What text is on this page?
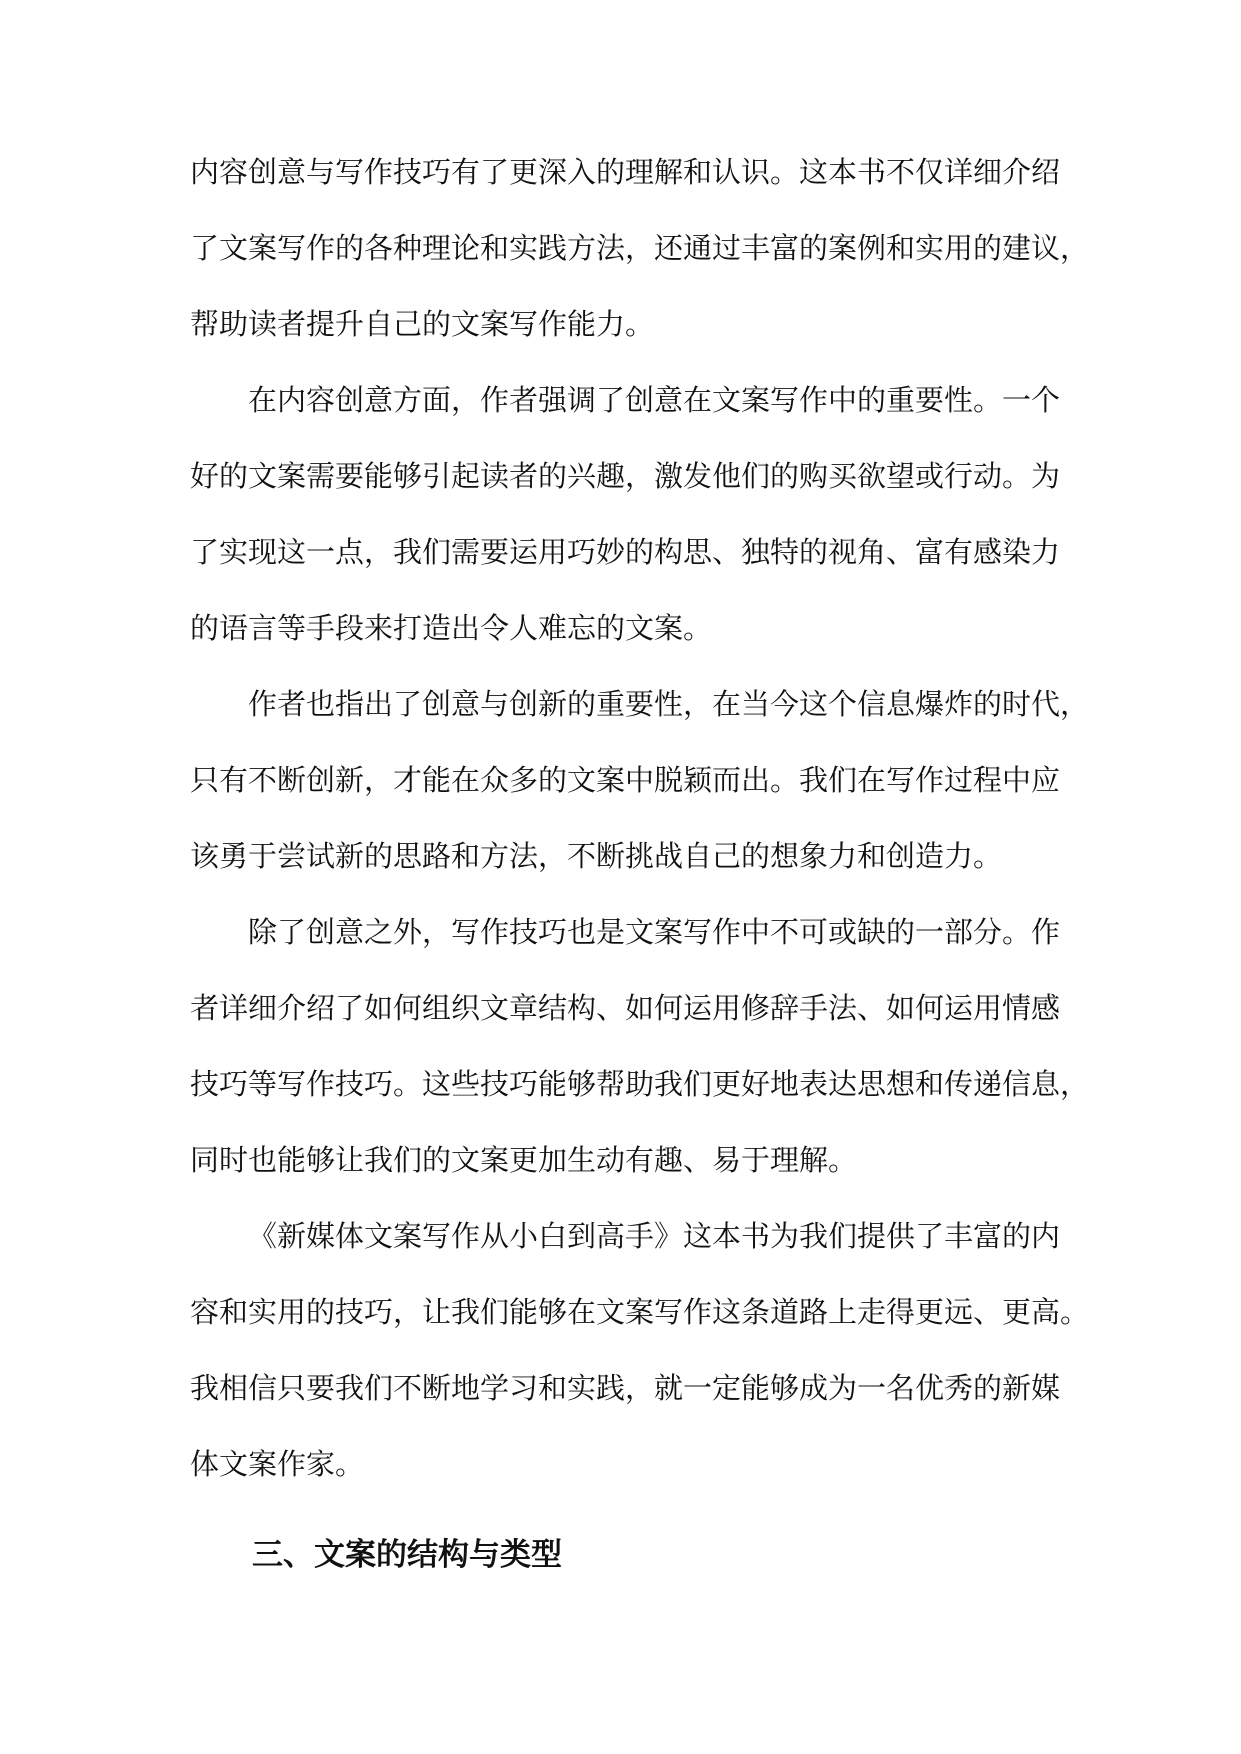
内容创意与写作技巧有了更深入的理解和认识。这本书不仅详细介绍
了文案写作的各种理论和实践方法，还通过丰富的案例和实用的建议，
帮助读者提升自己的文案写作能力。
在内容创意方面，作者强调了创意在文案写作中的重要性。一个
好的文案需要能够引起读者的兴趣，激发他们的购买欲望或行动。为
了实现这一点，我们需要运用巧妙的构思、独特的视角、富有感染力
的语言等手段来打造出令人难忘的文案。
作者也指出了创意与创新的重要性，在当今这个信息爆炸的时代，
只有不断创新，才能在众多的文案中脱颖而出。我们在写作过程中应
该勇于尝试新的思路和方法，不断挑战自己的想象力和创造力。
除了创意之外，写作技巧也是文案写作中不可或缺的一部分。作
者详细介绍了如何组织文章结构、如何运用修辞手法、如何运用情感
技巧等写作技巧。这些技巧能够帮助我们更好地表达思想和传递信息，
同时也能够让我们的文案更加生动有趣、易于理解。
《新媒体文案写作从小白到高手》这本书为我们提供了丰富的内
容和实用的技巧，让我们能够在文案写作这条道路上走得更远、更高。
我相信只要我们不断地学习和实践，就一定能够成为一名优秀的新媒
体文案作家。
三、文案的结构与类型
